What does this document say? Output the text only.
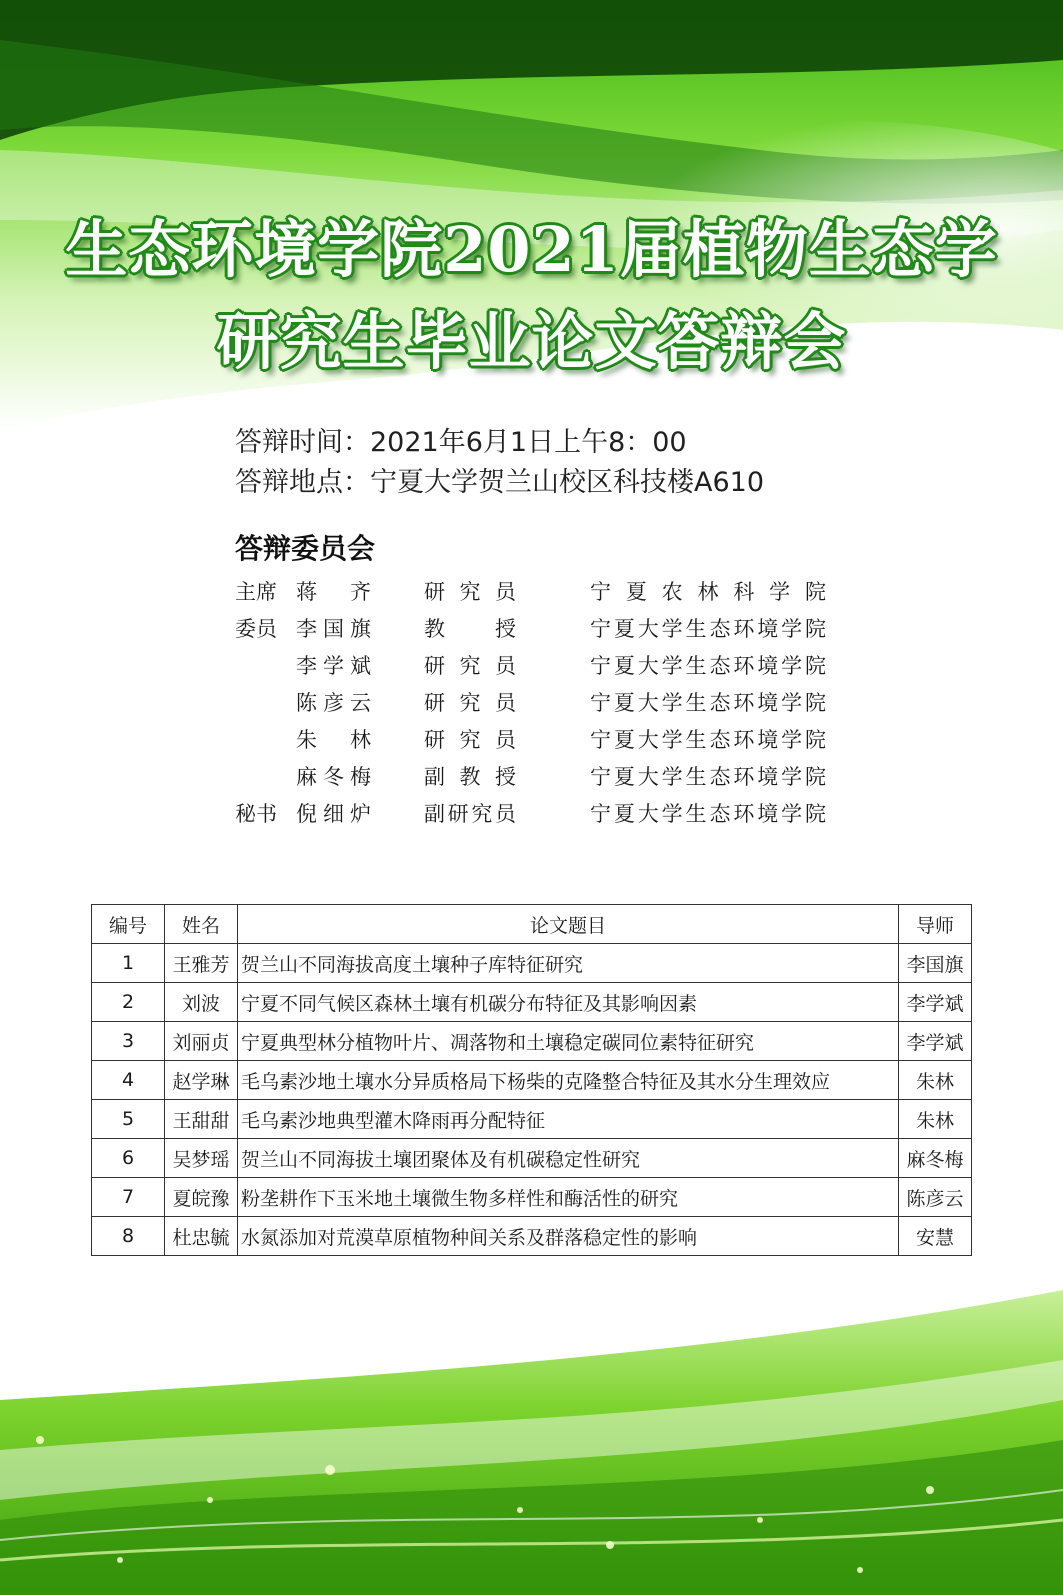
生态环境学院2021届植物生态学
研究生毕业论文答辩会
答辩时间：2021年6月1日上午8：00
答辩地点：宁夏大学贺兰山校区科技楼A610
答辩委员会
主席 蒋齐	研究员	宁夏农林科学院
委员 李国旗	教授	宁夏大学生态环境学院
李学斌	研究员	宁夏大学生态环境学院
陈彦云	研究员	宁夏大学生态环境学院
朱林	研究员	宁夏大学生态环境学院
麻冬梅	副教授	宁夏大学生态环境学院
秘书 倪细炉	副研究员	宁夏大学生态环境学院
编号	姓名	论文题目	导师
1	王雅芳	贺兰山不同海拔高度土壤种子库特征研究	李国旗
2	刘波	宁夏不同气候区森林土壤有机碳分布特征及其影响因素	李学斌
3	刘丽贞	宁夏典型林分植物叶片、凋落物和土壤稳定碳同位素特征研究	李学斌
4	赵学琳	毛乌素沙地土壤水分异质格局下杨柴的克隆整合特征及其水分生理效应	朱林
5	王甜甜	毛乌素沙地典型灌木降雨再分配特征	朱林
6	吴梦瑶	贺兰山不同海拔土壤团聚体及有机碳稳定性研究	麻冬梅
7	夏皖豫	粉垄耕作下玉米地土壤微生物多样性和酶活性的研究	陈彦云
8	杜忠毓	水氮添加对荒漠草原植物种间关系及群落稳定性的影响	安慧
